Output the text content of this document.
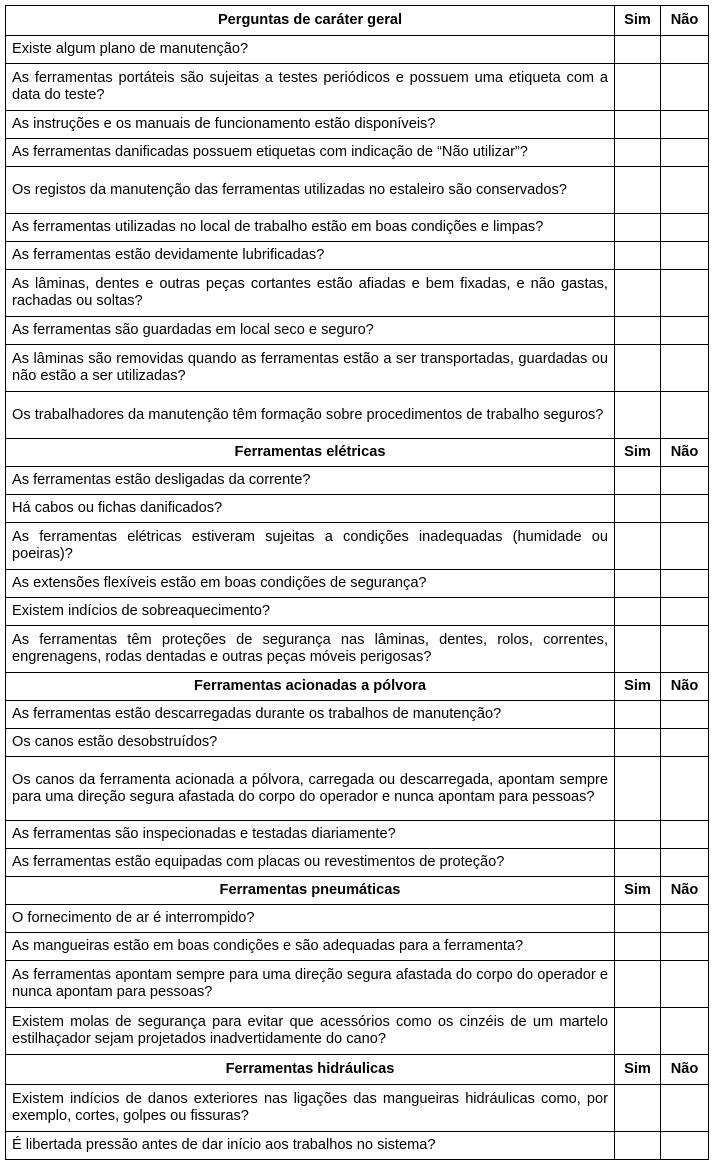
Perguntas de caráter geral	Sim	Não
Existe algum plano de manutenção?		
As ferramentas portáteis são sujeitas a testes periódicos e possuem uma etiqueta com a data do teste?		
As instruções e os manuais de funcionamento estão disponíveis?		
As ferramentas danificadas possuem etiquetas com indicação de “Não utilizar”?		
Os registos da manutenção das ferramentas utilizadas no estaleiro são conservados?		
As ferramentas utilizadas no local de trabalho estão em boas condições e limpas?		
As ferramentas estão devidamente lubrificadas?		
As lâminas, dentes e outras peças cortantes estão afiadas e bem fixadas, e não gastas, rachadas ou soltas?		
As ferramentas são guardadas em local seco e seguro?		
As lâminas são removidas quando as ferramentas estão a ser transportadas, guardadas ou não estão a ser utilizadas?		
Os trabalhadores da manutenção têm formação sobre procedimentos de trabalho seguros?		
Ferramentas elétricas	Sim	Não
As ferramentas estão desligadas da corrente?		
Há cabos ou fichas danificados?		
As ferramentas elétricas estiveram sujeitas a condições inadequadas (humidade ou poeiras)?		
As extensões flexíveis estão em boas condições de segurança?		
Existem indícios de sobreaquecimento?		
As ferramentas têm proteções de segurança nas lâminas, dentes, rolos, correntes, engrenagens, rodas dentadas e outras peças móveis perigosas?		
Ferramentas acionadas a pólvora	Sim	Não
As ferramentas estão descarregadas durante os trabalhos de manutenção?		
Os canos estão desobstruídos?		
Os canos da ferramenta acionada a pólvora, carregada ou descarregada, apontam sempre para uma direção segura afastada do corpo do operador e nunca apontam para pessoas?		
As ferramentas são inspecionadas e testadas diariamente?		
As ferramentas estão equipadas com placas ou revestimentos de proteção?		
Ferramentas pneumáticas	Sim	Não
O fornecimento de ar é interrompido?		
As mangueiras estão em boas condições e são adequadas para a ferramenta?		
As ferramentas apontam sempre para uma direção segura afastada do corpo do operador e nunca apontam para pessoas?		
Existem molas de segurança para evitar que acessórios como os cinzéis de um martelo estilhaçador sejam projetados inadvertidamente do cano?		
Ferramentas hidráulicas	Sim	Não
Existem indícios de danos exteriores nas ligações das mangueiras hidráulicas como, por exemplo, cortes, golpes ou fissuras?		
É libertada pressão antes de dar início aos trabalhos no sistema?		
